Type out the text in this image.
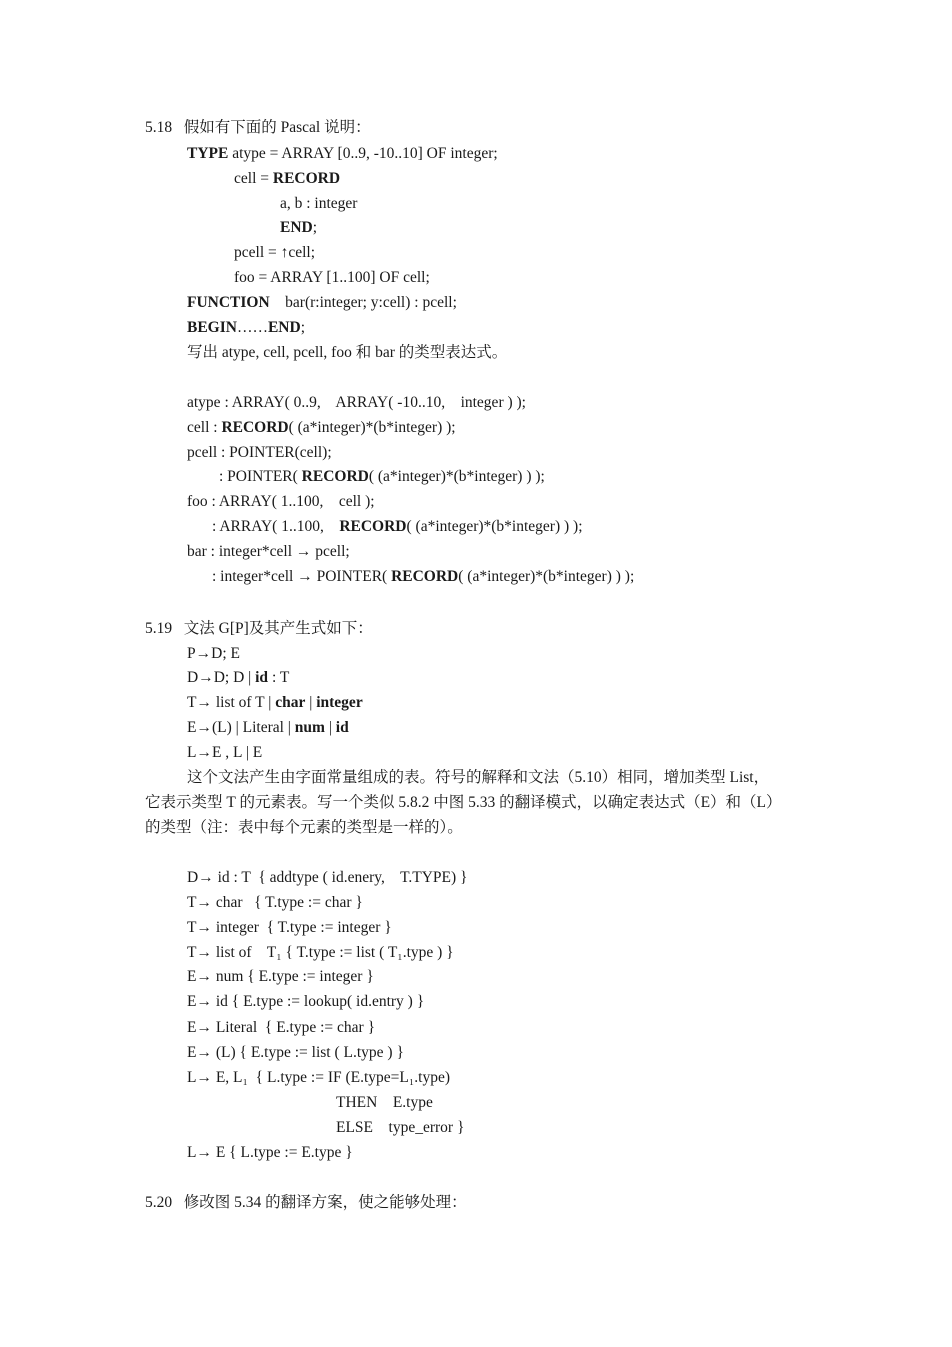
5.18 假如有下面的 Pascal 说明：
TYPE atype = ARRAY [0..9, -10..10] OF integer;
cell = RECORD
a, b : integer
END;
pcell = ↑cell;
foo = ARRAY [1..100] OF cell;
FUNCTION    bar(r:integer; y:cell) : pcell;
BEGIN……END;
写出 atype, cell, pcell, foo 和 bar 的类型表达式。
atype : ARRAY( 0..9,    ARRAY( -10..10,    integer ) );
cell : RECORD( (a*integer)*(b*integer) );
pcell : POINTER(cell);
: POINTER( RECORD( (a*integer)*(b*integer) ) );
foo : ARRAY( 1..100,    cell );
: ARRAY( 1..100,    RECORD( (a*integer)*(b*integer) ) );
bar : integer*cell → pcell;
: integer*cell → POINTER( RECORD( (a*integer)*(b*integer) ) );
5.19 文法 G[P]及其产生式如下：
P→D; E
D→D; D | id : T
T→ list of T | char | integer
E→(L) | Literal | num | id
L→E , L | E
这个文法产生由字面常量组成的表。符号的解释和文法（5.10）相同，增加类型 List，
它表示类型 T 的元素表。写一个类似 5.8.2 中图 5.33 的翻译模式，以确定表达式（E）和（L）
的类型（注：表中每个元素的类型是一样的）。
D→ id : T  { addtype ( id.enery,    T.TYPE) }
T→ char   { T.type := char }
T→ integer  { T.type := integer }
T→ list of    T₁ { T.type := list ( T₁.type ) }
E→ num { E.type := integer }
E→ id { E.type := lookup( id.entry ) }
E→ Literal  { E.type := char }
E→ (L) { E.type := list ( L.type ) }
L→ E, L₁  { L.type := IF (E.type=L₁.type)
THEN    E.type
ELSE    type_error }
L→ E { L.type := E.type }
5.20 修改图 5.34 的翻译方案，使之能够处理：
